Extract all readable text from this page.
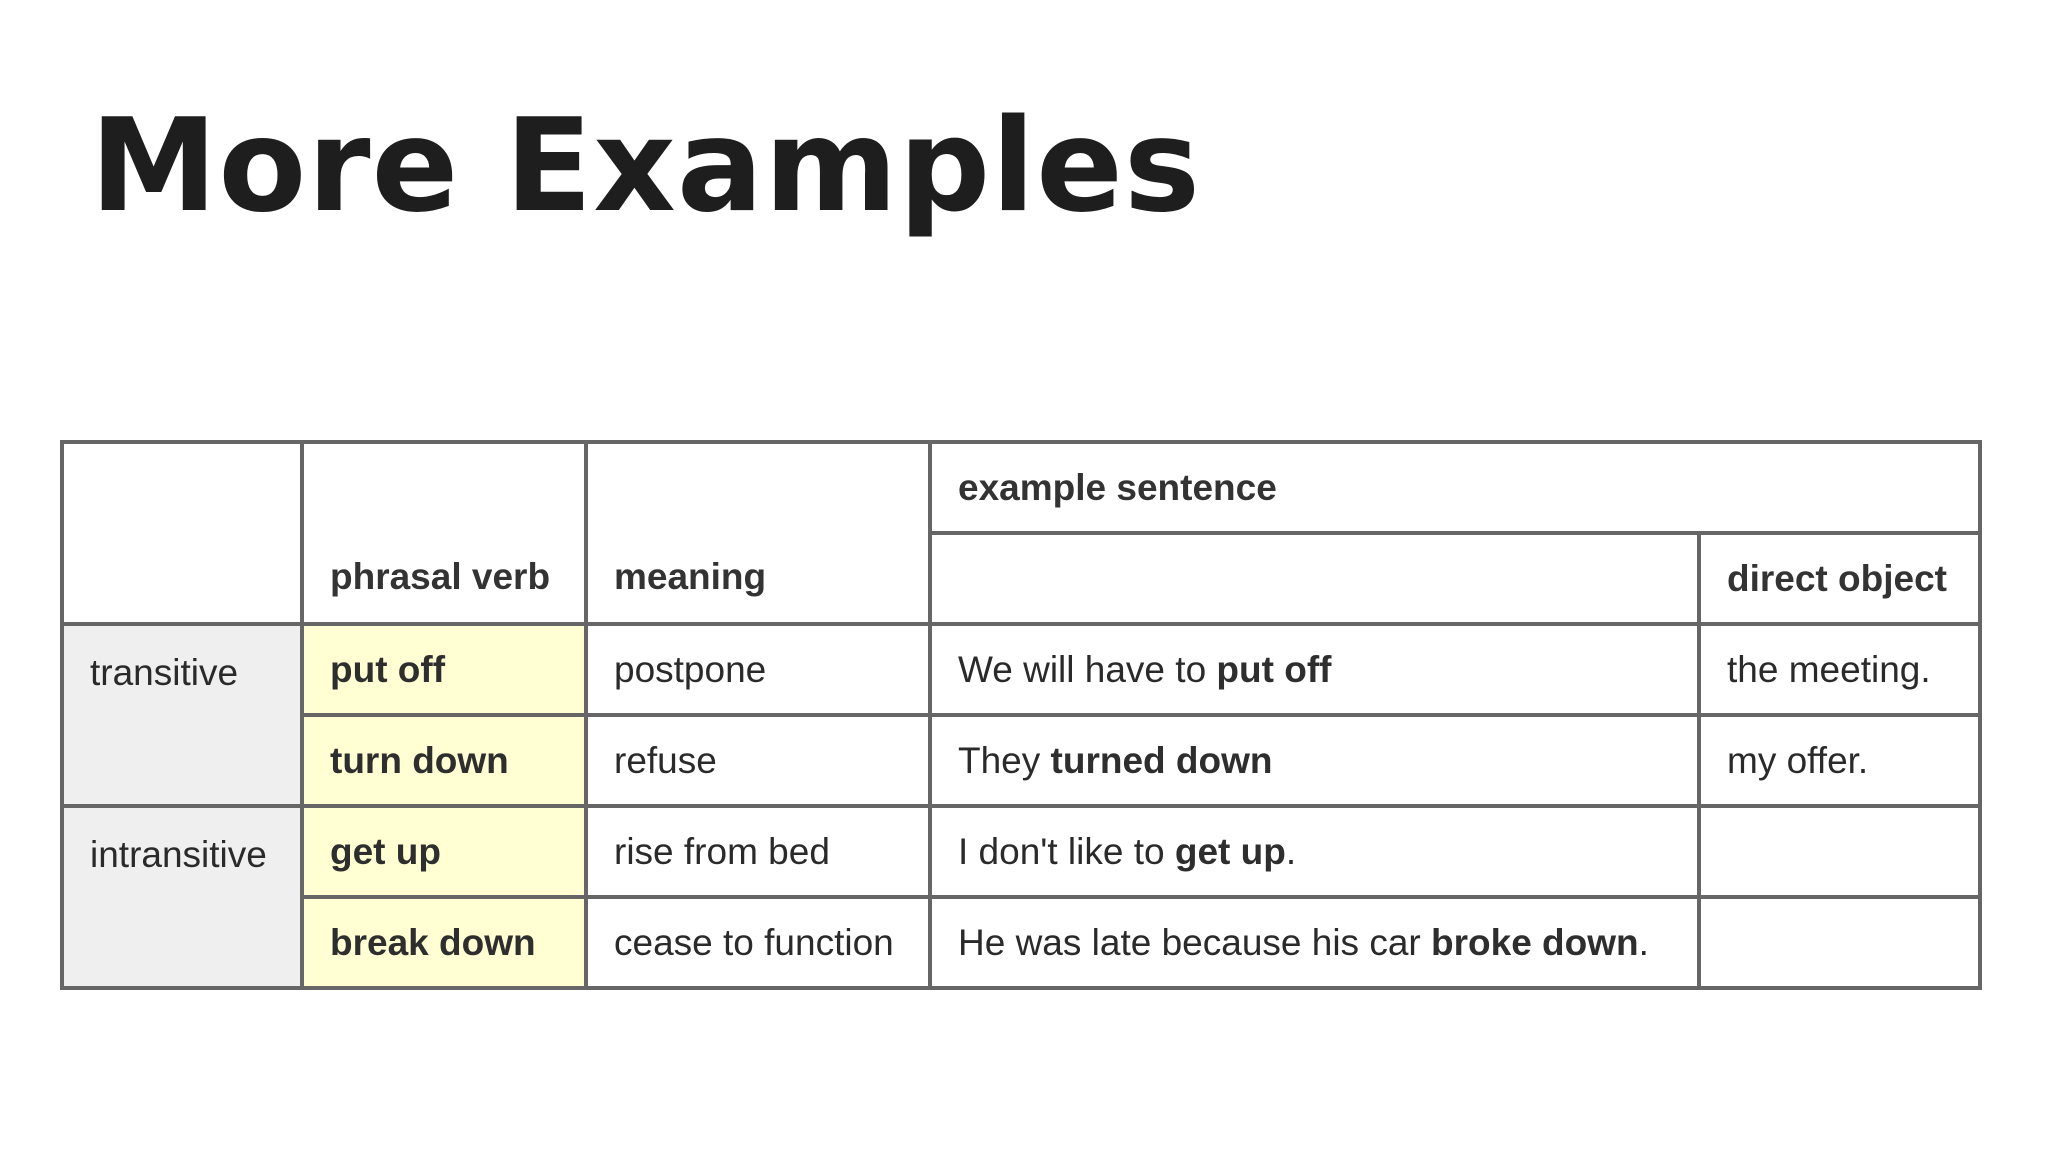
More Examples
	phrasal verb	meaning	example sentence	
				direct object
transitive	put off	postpone	We will have to put off	the meeting.
	turn down	refuse	They turned down	my offer.
intransitive	get up	rise from bed	I don't like to get up.	
	break down	cease to function	He was late because his car broke down.	
